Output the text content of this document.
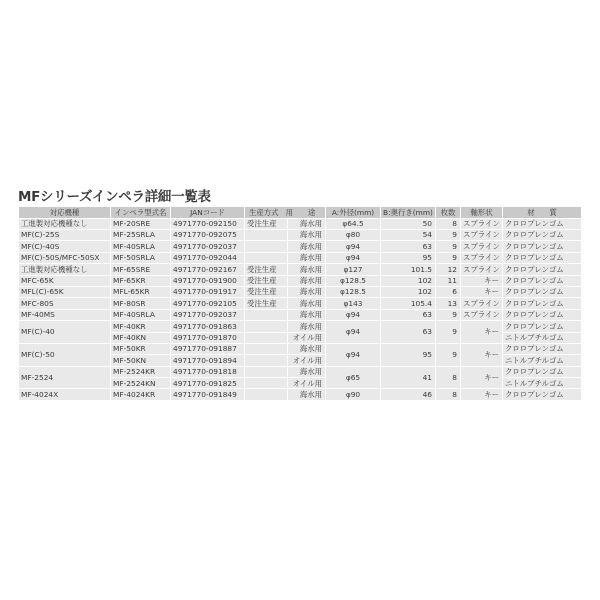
MFシリーズインペラ詳細一覧表
対応機種	インペラ型式名	JANコード	生産方式 用　　途		A:外径(mm)	B:奥行き(mm)	枚数	軸形状	材　　質
工進製対応機種なし	MF-20SRE	4971770-092150	受注生産	海水用	φ64.5	50	8	スプライン	クロロプレンゴム
MF(C)-25S	MF-25SRLA	4971770-092075		海水用	φ80	54	9	スプライン	クロロプレンゴム
MF(C)-40S	MF-40SRLA	4971770-092037		海水用	φ94	63	9	スプライン	クロロプレンゴム
MF(C)-50S/MFC-50SX	MF-50SRLA	4971770-092044		海水用	φ94	95	9	スプライン	クロロプレンゴム
工進製対応機種なし	MF-65SRE	4971770-092167	受注生産	海水用	φ127	101.5	12	スプライン	クロロプレンゴム
MFC-65K	MF-65KR	4971770-091900	受注生産	海水用	φ128.5	102	11	キー	クロロプレンゴム
MFL(C)-65K	MFL-65KR	4971770-091917	受注生産	海水用	φ128.5	102	6	キー	クロロプレンゴム
MFC-80S	MF-80SR	4971770-092105	受注生産	海水用	φ143	105.4	13	スプライン	クロロプレンゴム
MF-40MS	MF-40SRLA	4971770-092037		海水用	φ94	63	9	スプライン	クロロプレンゴム
MF(C)-40	MF-40KR	4971770-091863		海水用	φ94	63	9	キー	クロロプレンゴム
	MF-40KN	4971770-091870		オイル用					ニトルブチルゴム
MF(C)-50	MF-50KR	4971770-091887		海水用	φ94	95	9	キー	クロロプレンゴム
	MF-50KN	4971770-091894		オイル用					ニトルブチルゴム
MF-2524	MF-2524KR	4971770-091818		海水用	φ65	41	8	キー	クロロプレンゴム
	MF-2524KN	4971770-091825		オイル用					ニトルブチルゴム
MF-4024X	MF-4024KR	4971770-091849		海水用	φ90	46	8	キー	クロロプレンゴム
